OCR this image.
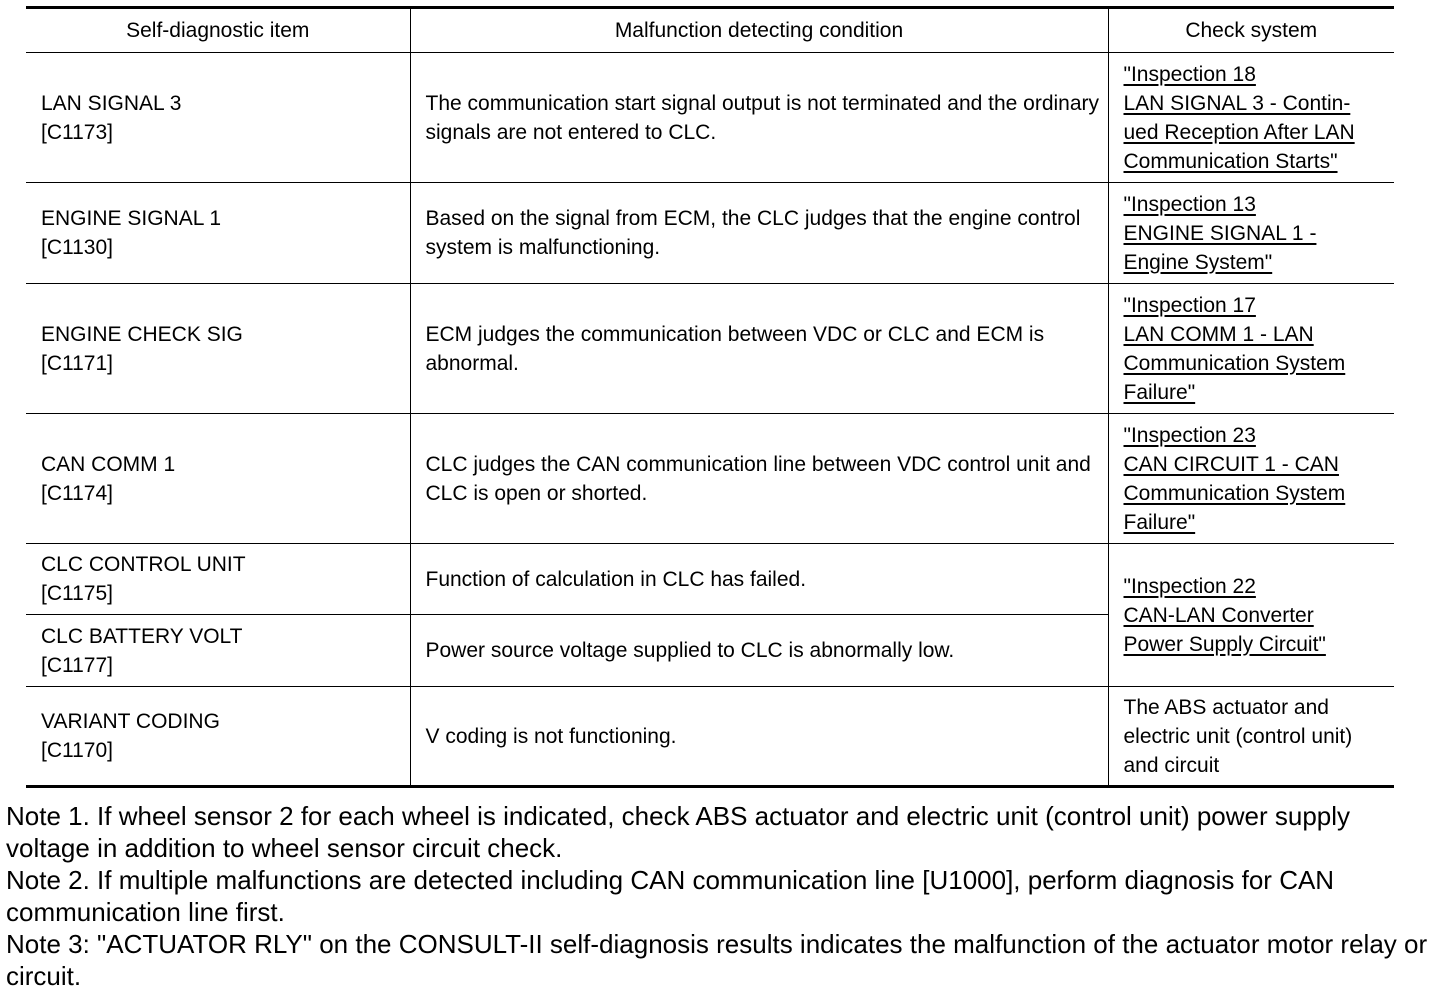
Self-diagnostic item	Malfunction detecting condition	Check system

LAN SIGNAL 3
[C1173]	The communication start signal output is not terminated and the ordinary signals are not entered to CLC.	"Inspection 18
LAN SIGNAL 3 - Contin-
ued Reception After LAN
Communication Starts"

ENGINE SIGNAL 1
[C1130]	Based on the signal from ECM, the CLC judges that the engine control system is malfunctioning.	"Inspection 13
ENGINE SIGNAL 1 -
Engine System"

ENGINE CHECK SIG
[C1171]	ECM judges the communication between VDC or CLC and ECM is abnormal.	"Inspection 17
LAN COMM 1 - LAN
Communication System
Failure"

CAN COMM 1
[C1174]	CLC judges the CAN communication line between VDC control unit and CLC is open or shorted.	"Inspection 23
CAN CIRCUIT 1 - CAN
Communication System
Failure"

CLC CONTROL UNIT
[C1175]	Function of calculation in CLC has failed.	"Inspection 22
CAN-LAN Converter
Power Supply Circuit"

CLC BATTERY VOLT
[C1177]	Power source voltage supplied to CLC is abnormally low.	

VARIANT CODING
[C1170]	V coding is not functioning.	The ABS actuator and
electric unit (control unit)
and circuit

Note 1. If wheel sensor 2 for each wheel is indicated, check ABS actuator and electric unit (control unit) power supply voltage in addition to wheel sensor circuit check.

Note 2. If multiple malfunctions are detected including CAN communication line [U1000], perform diagnosis for CAN communication line first.

Note 3: "ACTUATOR RLY" on the CONSULT-II self-diagnosis results indicates the malfunction of the actuator motor relay or circuit.
